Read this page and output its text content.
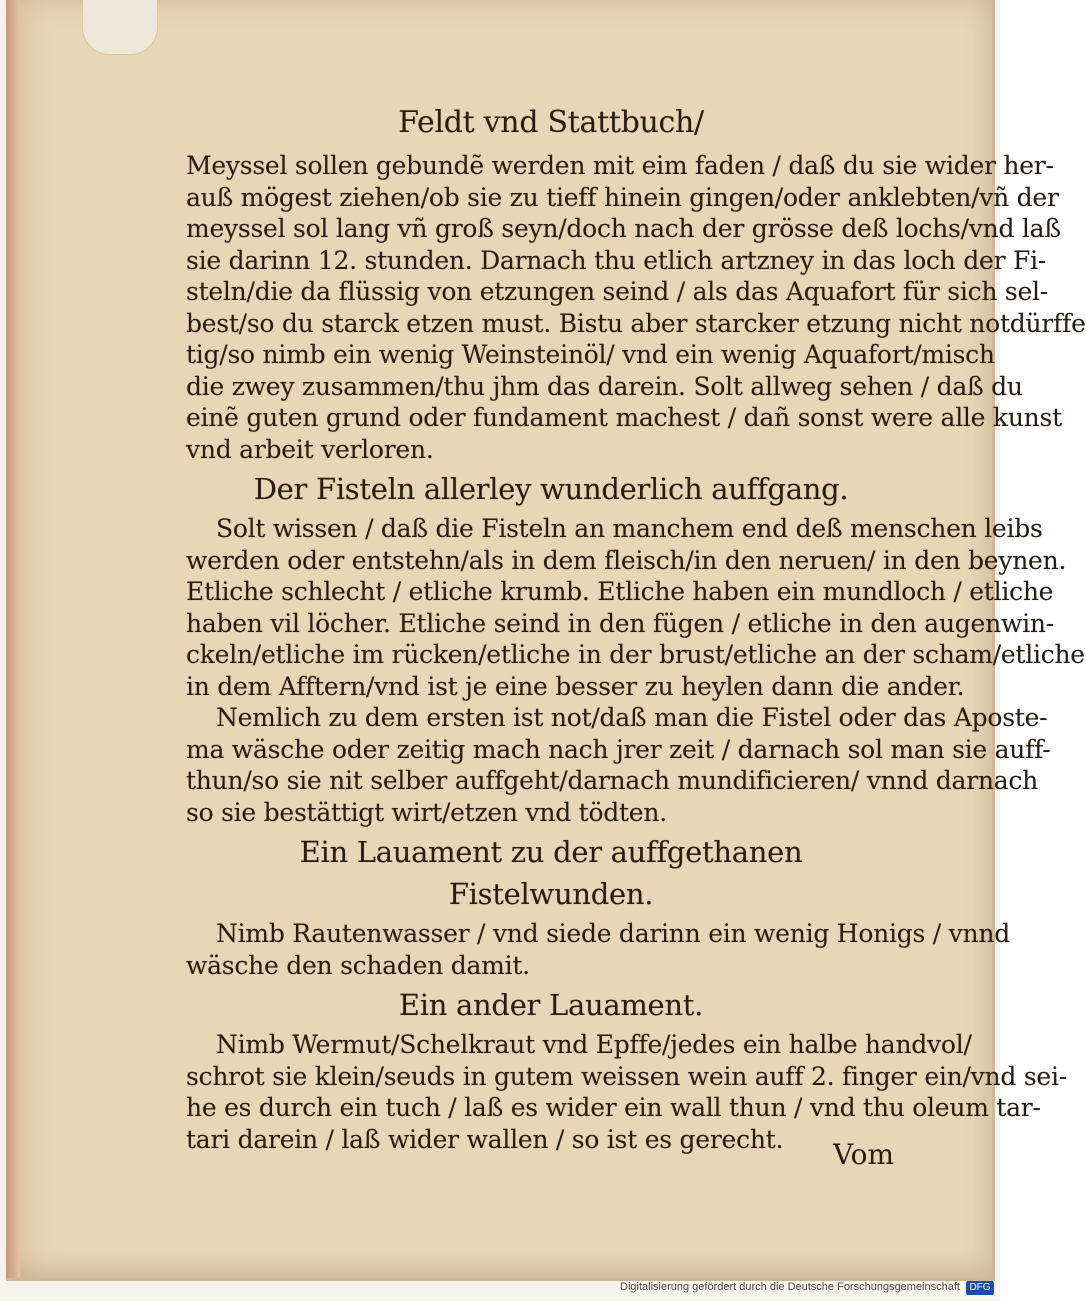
Feldt vnd Stattbuch/
Meyssel sollen gebundẽ werden mit eim faden / daß du sie wider her-
auß mögest ziehen/ob sie zu tieff hinein gingen/oder anklebten/vñ der
meyssel sol lang vñ groß seyn/doch nach der grösse deß lochs/vnd laß
sie darinn 12. stunden. Darnach thu etlich artzney in das loch der Fi-
steln/die da flüssig von etzungen seind / als das Aquafort für sich sel-
best/so du starck etzen must. Bistu aber starcker etzung nicht notdürffe
tig/so nimb ein wenig Weinsteinöl/ vnd ein wenig Aquafort/misch
die zwey zusammen/thu jhm das darein. Solt allweg sehen / daß du
einẽ guten grund oder fundament machest / dañ sonst were alle kunst
vnd arbeit verloren.
Der Fisteln allerley wunderlich auffgang.
Solt wissen / daß die Fisteln an manchem end deß menschen leibs
werden oder entstehn/als in dem fleisch/in den neruen/ in den beynen.
Etliche schlecht / etliche krumb. Etliche haben ein mundloch / etliche
haben vil löcher. Etliche seind in den fügen / etliche in den augenwin-
ckeln/etliche im rücken/etliche in der brust/etliche an der scham/etliche
in dem Afftern/vnd ist je eine besser zu heylen dann die ander.
Nemlich zu dem ersten ist not/daß man die Fistel oder das Aposte-
ma wäsche oder zeitig mach nach jrer zeit / darnach sol man sie auff-
thun/so sie nit selber auffgeht/darnach mundificieren/ vnnd darnach
so sie bestättigt wirt/etzen vnd tödten.
Ein Lauament zu der auffgethanen
Fistelwunden.
Nimb Rautenwasser / vnd siede darinn ein wenig Honigs / vnnd
wäsche den schaden damit.
Ein ander Lauament.
Nimb Wermut/Schelkraut vnd Epffe/jedes ein halbe handvol/
schrot sie klein/seuds in gutem weissen wein auff 2. finger ein/vnd sei-
he es durch ein tuch / laß es wider ein wall thun / vnd thu oleum tar-
tari darein / laß wider wallen / so ist es gerecht.	Vom
Digitalisierung gefördert durch die Deutsche Forschungsgemeinschaft DFG
